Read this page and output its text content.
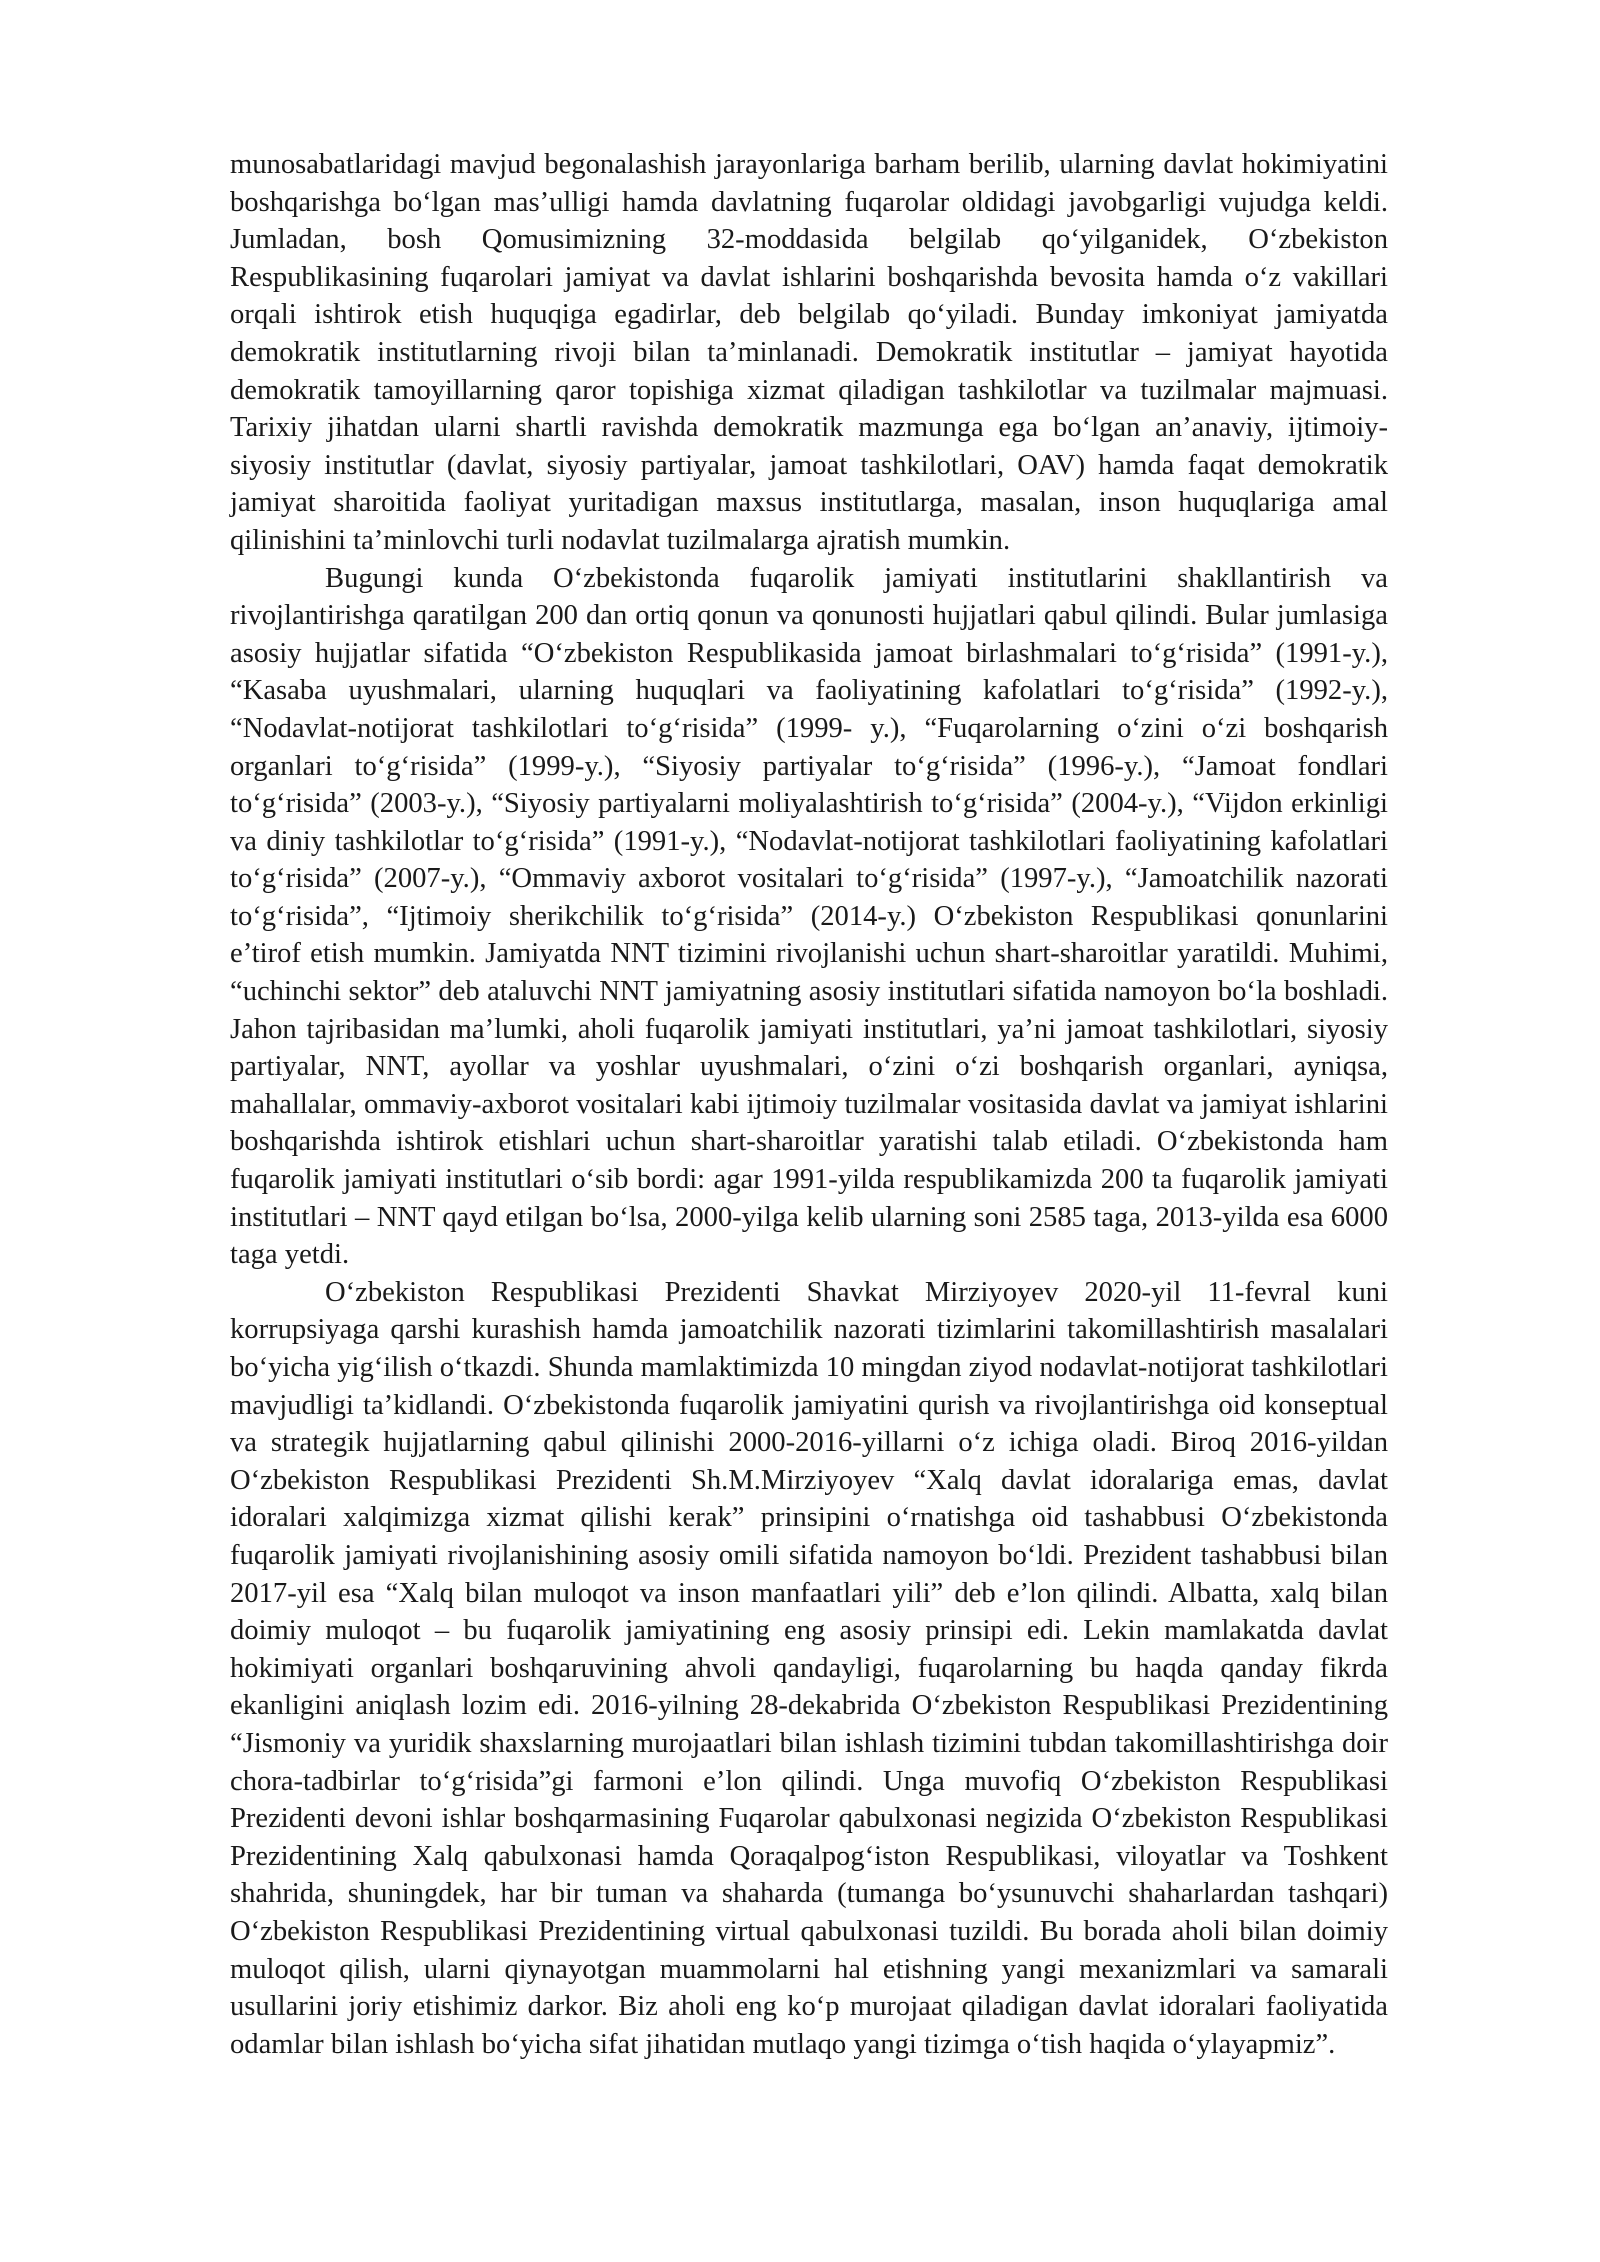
munosabatlaridagi mavjud begonalashish jarayonlariga barham berilib, ularning davlat hokimiyatini boshqarishga bo‘lgan mas’ulligi hamda davlatning fuqarolar oldidagi javobgarligi vujudga keldi. Jumladan, bosh Qomusimizning 32-moddasida belgilab qo‘yilganidek, O‘zbekiston Respublikasining fuqarolari jamiyat va davlat ishlarini boshqarishda bevosita hamda o‘z vakillari orqali ishtirok etish huquqiga egadirlar, deb belgilab qo‘yiladi. Bunday imkoniyat jamiyatda demokratik institutlarning rivoji bilan ta’minlanadi. Demokratik institutlar – jamiyat hayotida demokratik tamoyillarning qaror topishiga xizmat qiladigan tashkilotlar va tuzilmalar majmuasi. Tarixiy jihatdan ularni shartli ravishda demokratik mazmunga ega bo‘lgan an’anaviy, ijtimoiy-siyosiy institutlar (davlat, siyosiy partiyalar, jamoat tashkilotlari, OAV) hamda faqat demokratik jamiyat sharoitida faoliyat yuritadigan maxsus institutlarga, masalan, inson huquqlariga amal qilinishini ta’minlovchi turli nodavlat tuzilmalarga ajratish mumkin.

Bugungi kunda O‘zbekistonda fuqarolik jamiyati institutlarini shakllantirish va rivojlantirishga qaratilgan 200 dan ortiq qonun va qonunosti hujjatlari qabul qilindi. Bular jumlasiga asosiy hujjatlar sifatida “O‘zbekiston Respublikasida jamoat birlashmalari to‘g‘risida” (1991-y.), “Kasaba uyushmalari, ularning huquqlari va faoliyatining kafolatlari to‘g‘risida” (1992-y.), “Nodavlat-notijorat tashkilotlari to‘g‘risida” (1999- y.), “Fuqarolarning o‘zini o‘zi boshqarish organlari to‘g‘risida” (1999-y.), “Siyosiy partiyalar to‘g‘risida” (1996-y.), “Jamoat fondlari to‘g‘risida” (2003-y.), “Siyosiy partiyalarni moliyalashtirish to‘g‘risida” (2004-y.), “Vijdon erkinligi va diniy tashkilotlar to‘g‘risida” (1991-y.), “Nodavlat-notijorat tashkilotlari faoliyatining kafolatlari to‘g‘risida” (2007-y.), “Ommaviy axborot vositalari to‘g‘risida” (1997-y.), “Jamoatchilik nazorati to‘g‘risida”, “Ijtimoiy sherikchilik to‘g‘risida” (2014-y.) O‘zbekiston Respublikasi qonunlarini e’tirof etish mumkin. Jamiyatda NNT tizimini rivojlanishi uchun shart-sharoitlar yaratildi. Muhimi, “uchinchi sektor” deb ataluvchi NNT jamiyatning asosiy institutlari sifatida namoyon bo‘la boshladi. Jahon tajribasidan ma’lumki, aholi fuqarolik jamiyati institutlari, ya’ni jamoat tashkilotlari, siyosiy partiyalar, NNT, ayollar va yoshlar uyushmalari, o‘zini o‘zi boshqarish organlari, ayniqsa, mahallalar, ommaviy-axborot vositalari kabi ijtimoiy tuzilmalar vositasida davlat va jamiyat ishlarini boshqarishda ishtirok etishlari uchun shart-sharoitlar yaratishi talab etiladi. O‘zbekistonda ham fuqarolik jamiyati institutlari o‘sib bordi: agar 1991-yilda respublikamizda 200 ta fuqarolik jamiyati institutlari – NNT qayd etilgan bo‘lsa, 2000-yilga kelib ularning soni 2585 taga, 2013-yilda esa 6000 taga yetdi.

O‘zbekiston Respublikasi Prezidenti Shavkat Mirziyoyev 2020-yil 11-fevral kuni korrupsiyaga qarshi kurashish hamda jamoatchilik nazorati tizimlarini takomillashtirish masalalari bo‘yicha yig‘ilish o‘tkazdi. Shunda mamlaktimizda 10 mingdan ziyod nodavlat-notijorat tashkilotlari mavjudligi ta’kidlandi. O‘zbekistonda fuqarolik jamiyatini qurish va rivojlantirishga oid konseptual va strategik hujjatlarning qabul qilinishi 2000-2016-yillarni o‘z ichiga oladi. Biroq 2016-yildan O‘zbekiston Respublikasi Prezidenti Sh.M.Mirziyoyev “Xalq davlat idoralariga emas, davlat idoralari xalqimizga xizmat qilishi kerak” prinsipini o‘rnatishga oid tashabbusi O‘zbekistonda fuqarolik jamiyati rivojlanishining asosiy omili sifatida namoyon bo‘ldi. Prezident tashabbusi bilan 2017-yil esa “Xalq bilan muloqot va inson manfaatlari yili” deb e’lon qilindi. Albatta, xalq bilan doimiy muloqot – bu fuqarolik jamiyatining eng asosiy prinsipi edi. Lekin mamlakatda davlat hokimiyati organlari boshqaruvining ahvoli qandayligi, fuqarolarning bu haqda qanday fikrda ekanligini aniqlash lozim edi. 2016-yilning 28-dekabrida O‘zbekiston Respublikasi Prezidentining “Jismoniy va yuridik shaxslarning murojaatlari bilan ishlash tizimini tubdan takomillashtirishga doir chora-tadbirlar to‘g‘risida”gi farmoni e’lon qilindi. Unga muvofiq O‘zbekiston Respublikasi Prezidenti devoni ishlar boshqarmasining Fuqarolar qabulxonasi negizida O‘zbekiston Respublikasi Prezidentining Xalq qabulxonasi hamda Qoraqalpog‘iston Respublikasi, viloyatlar va Toshkent shahrida, shuningdek, har bir tuman va shaharda (tumanga bo‘ysunuvchi shaharlardan tashqari) O‘zbekiston Respublikasi Prezidentining virtual qabulxonasi tuzildi. Bu borada aholi bilan doimiy muloqot qilish, ularni qiynayotgan muammolarni hal etishning yangi mexanizmlari va samarali usullarini joriy etishimiz darkor. Biz aholi eng ko‘p murojaat qiladigan davlat idoralari faoliyatida odamlar bilan ishlash bo‘yicha sifat jihatidan mutlaqo yangi tizimga o‘tish haqida o‘ylayapmiz”.
